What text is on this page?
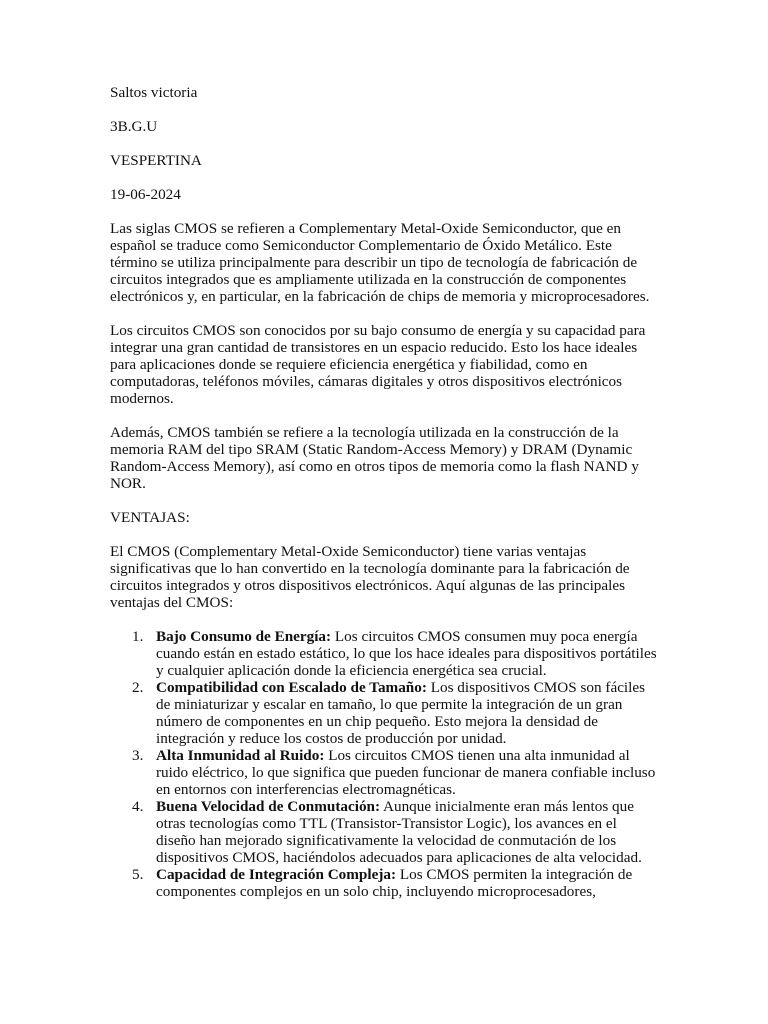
Saltos victoria

3B.G.U

VESPERTINA

19-06-2024

Las siglas CMOS se refieren a Complementary Metal-Oxide Semiconductor, que en español se traduce como Semiconductor Complementario de Óxido Metálico. Este término se utiliza principalmente para describir un tipo de tecnología de fabricación de circuitos integrados que es ampliamente utilizada en la construcción de componentes electrónicos y, en particular, en la fabricación de chips de memoria y microprocesadores.

Los circuitos CMOS son conocidos por su bajo consumo de energía y su capacidad para integrar una gran cantidad de transistores en un espacio reducido. Esto los hace ideales para aplicaciones donde se requiere eficiencia energética y fiabilidad, como en computadoras, teléfonos móviles, cámaras digitales y otros dispositivos electrónicos modernos.

Además, CMOS también se refiere a la tecnología utilizada en la construcción de la memoria RAM del tipo SRAM (Static Random-Access Memory) y DRAM (Dynamic Random-Access Memory), así como en otros tipos de memoria como la flash NAND y NOR.

VENTAJAS:

El CMOS (Complementary Metal-Oxide Semiconductor) tiene varias ventajas significativas que lo han convertido en la tecnología dominante para la fabricación de circuitos integrados y otros dispositivos electrónicos. Aquí algunas de las principales ventajas del CMOS:

1. Bajo Consumo de Energía: Los circuitos CMOS consumen muy poca energía cuando están en estado estático, lo que los hace ideales para dispositivos portátiles y cualquier aplicación donde la eficiencia energética sea crucial.
2. Compatibilidad con Escalado de Tamaño: Los dispositivos CMOS son fáciles de miniaturizar y escalar en tamaño, lo que permite la integración de un gran número de componentes en un chip pequeño. Esto mejora la densidad de integración y reduce los costos de producción por unidad.
3. Alta Inmunidad al Ruido: Los circuitos CMOS tienen una alta inmunidad al ruido eléctrico, lo que significa que pueden funcionar de manera confiable incluso en entornos con interferencias electromagnéticas.
4. Buena Velocidad de Conmutación: Aunque inicialmente eran más lentos que otras tecnologías como TTL (Transistor-Transistor Logic), los avances en el diseño han mejorado significativamente la velocidad de conmutación de los dispositivos CMOS, haciéndolos adecuados para aplicaciones de alta velocidad.
5. Capacidad de Integración Compleja: Los CMOS permiten la integración de componentes complejos en un solo chip, incluyendo microprocesadores,
